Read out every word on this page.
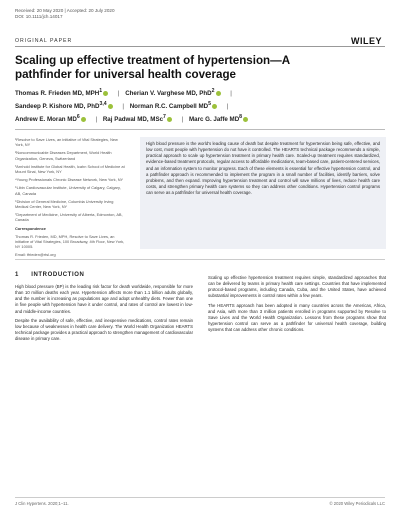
Received: 20 May 2020 | Accepted: 20 July 2020
DOI: 10.1111/jch.14017
ORIGINAL PAPER	WILEY
Scaling up effective treatment of hypertension—A pathfinder for universal health coverage
Thomas R. Frieden MD, MPH$^1$	| Cherian V. Varghese MD, PhD$^2$	|
Sandeep P. Kishore MD, PhD$^{3,4}$	| Norman R.C. Campbell $MD^5$	|
Andrew E. Moran $MD^6$	| Raj Padwal MD, MSc$^7$	| Marc G. Jaffe $MD^8$

¹Resolve to Save Lives, an initiative of Vital Strategies, New York, NY

²Noncommunicable Diseases Department, World Health Organization, Geneva, Switzerland

³Arnhold Institute for Global Health, Icahn School of Medicine at Mount Sinai, New York, NY

⁴Young Professionals Chronic Disease Network, New York, NY

⁵Libin Cardiovascular Institute, University of Calgary, Calgary, AB, Canada

⁶Division of General Medicine, Columbia University Irving Medical Center, New York, NY

⁷Department of Medicine, University of Alberta, Edmonton, AB, Canada

Correspondence

Thomas R. Frieden, MD, MPH, Resolve to Save Lives, an initiative of Vital Strategies, 100 Broadway, 4th Floor, New York, NY 10005.

Email: tfrieden@rtsl.org

High blood pressure is the world's leading cause of death but despite treatment for hypertension being safe, effective, and low cost, most people with hypertension do not have it controlled. The HEARTS technical package recommends a simple, practical approach to scale up hypertension treatment in primary health care. Scaled-up treatment requires standardized, evidence-based treatment protocols, regular access to affordable medications, team-based care, patient-centered services, and an information system to monitor progress. Each of these elements is essential for effective hypertension control, and a pathfinder approach is recommended to implement the program in a small number of facilities, identify barriers, solve problems, and then expand. Improving hypertension treatment and control will save millions of lives, reduce health care costs, and strengthen primary health care systems so they can address other conditions. Hypertension control programs can serve as a pathfinder for universal health coverage.

1 INTRODUCTION

High blood pressure (BP) is the leading risk factor for death worldwide, responsible for more than 10 million deaths each year. Hypertension affects more than 1.1 billion adults globally, and the number is increasing as populations age and adopt unhealthy diets. Fewer than one in five people with hypertension have it under control, and rates of control are lowest in low- and middle-income countries.

Despite the availability of safe, effective, and inexpensive medications, control rates remain low because of weaknesses in health care delivery. The World Health Organization HEARTS technical package provides a practical approach to strengthen management of cardiovascular disease in primary care.

Scaling up effective hypertension treatment requires simple, standardized approaches that can be delivered by teams in primary health care settings. Countries that have implemented protocol-based programs, including Canada, Cuba, and the United States, have achieved substantial improvements in control rates within a few years.

The HEARTS approach has been adopted in many countries across the Americas, Africa, and Asia, with more than 3 million patients enrolled in programs supported by Resolve to Save Lives and the World Health Organization. Lessons from these programs show that hypertension control can serve as a pathfinder for universal health coverage, building systems that can address other chronic conditions.

J Clin Hypertens. 2020;1–11.	© 2020 Wiley Periodicals LLC
